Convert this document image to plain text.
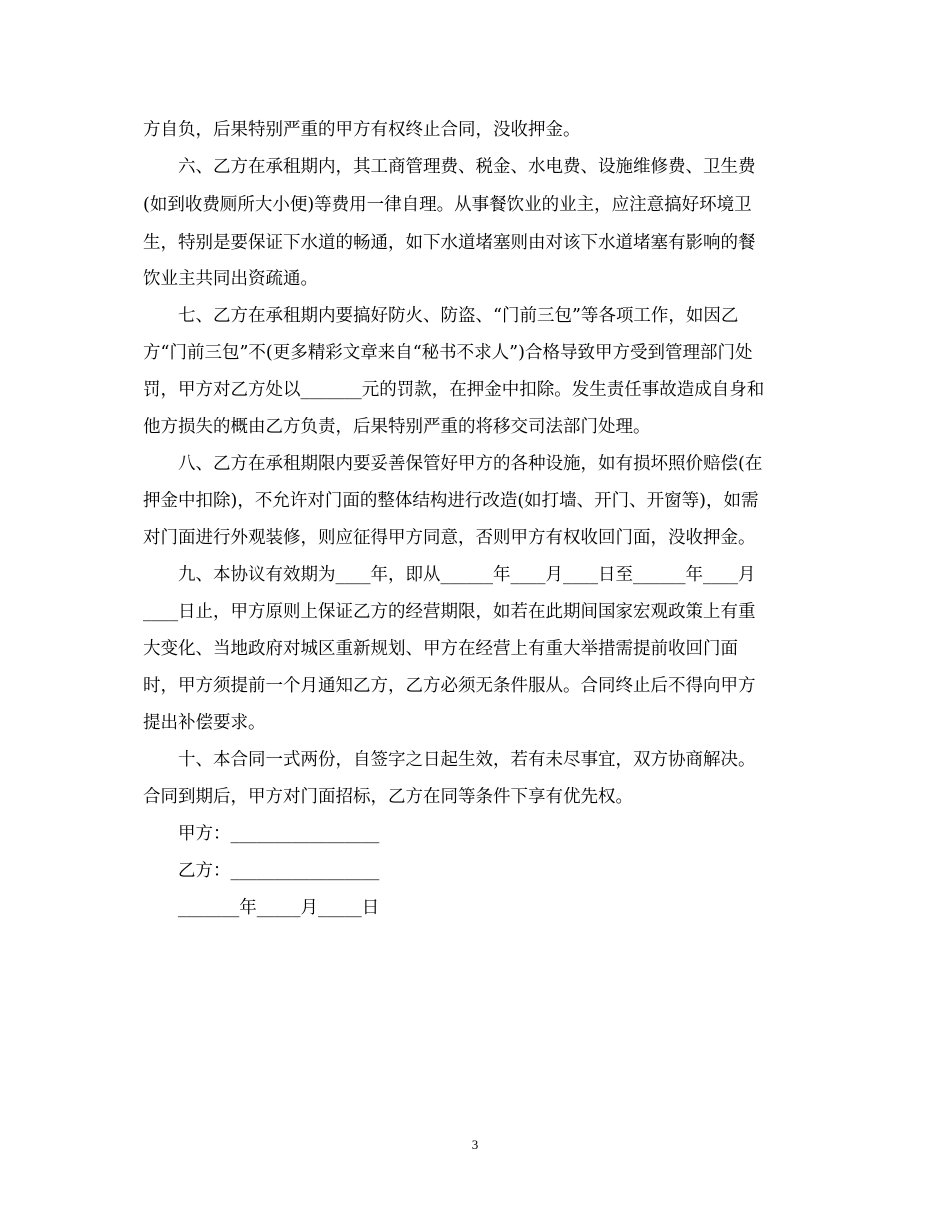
方自负，后果特别严重的甲方有权终止合同，没收押金。
六、乙方在承租期内，其工商管理费、税金、水电费、设施维修费、卫生费
(如到收费厕所大小便)等费用一律自理。从事餐饮业的业主，应注意搞好环境卫
生，特别是要保证下水道的畅通，如下水道堵塞则由对该下水道堵塞有影响的餐
饮业主共同出资疏通。
七、乙方在承租期内要搞好防火、防盗、“门前三包”等各项工作，如因乙
方“门前三包”不(更多精彩文章来自“秘书不求人”)合格导致甲方受到管理部门处
罚，甲方对乙方处以_______元的罚款，在押金中扣除。发生责任事故造成自身和
他方损失的概由乙方负责，后果特别严重的将移交司法部门处理。
八、乙方在承租期限内要妥善保管好甲方的各种设施，如有损坏照价赔偿(在
押金中扣除)，不允许对门面的整体结构进行改造(如打墙、开门、开窗等)，如需
对门面进行外观装修，则应征得甲方同意，否则甲方有权收回门面，没收押金。
九、本协议有效期为____年，即从______年____月____日至______年____月
____日止，甲方原则上保证乙方的经营期限，如若在此期间国家宏观政策上有重
大变化、当地政府对城区重新规划、甲方在经营上有重大举措需提前收回门面
时，甲方须提前一个月通知乙方，乙方必须无条件服从。合同终止后不得向甲方
提出补偿要求。
十、本合同一式两份，自签字之日起生效，若有未尽事宜，双方协商解决。
合同到期后，甲方对门面招标，乙方在同等条件下享有优先权。
甲方：_________________
乙方：_________________
_______年_____月_____日
3
